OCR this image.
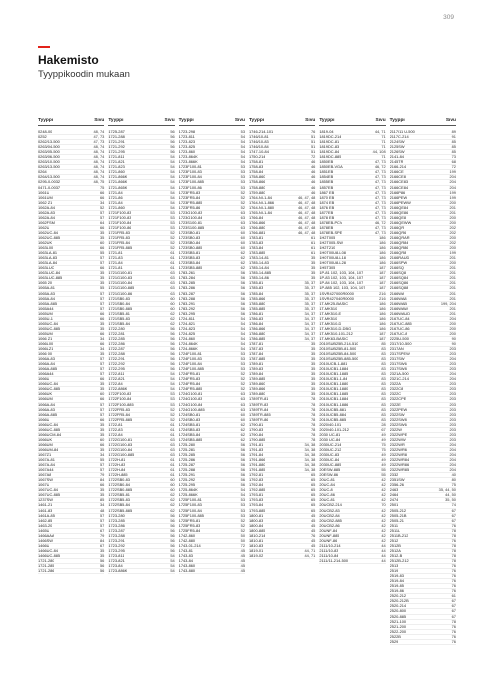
309
Hakemisto
Tyyppikoodin mukaan
Tyyppi	Sivu
0248-00	48, 74
0252	47, 73
0262/13-500	47, 73
0263/04-500	48, 74
0263/05-500	48, 74
0263/06-500	48, 74
0263/10-500	48, 74
0263/13-500	48, 74
0264	48, 74
0264/13-500	48, 74
0295-0-0032	48, 75
0471-0-0037	75
1061U	66
1061UM	66
1062 Z1	34
1062A-84	52
1062A-83	57
1062A-84	57
1062FSM	64
1062U	66
1062UC-84	35
1062UC-885	35
1062UK	60
1063L00	66
1063LA-81	55
1063LA-83	57
1063LA-84	57
1063LUC	66
1063LUC-84	35
1063LUC-885	35
1065 20	35
1065A-81	55
1065A-83	57
1065A-84	57
1065A-885	57
1065A44	57
1065UM	66
1065U-1	66
1065UC-84	35
1065UC-885	35
1065UM	66
1066 Z1	34
1066L00	66
1066LZ1	34
1066 00	35
1066A-83	57
1066A-84	57
1066A-885	57
1066A44	57
1066U	66
1066UC-84	35
1066UC-885	35
1066UK	60
1066UM	66
1066A-84	57
1066A-83	57
1066A-885	57
1066U	66
1066UC-84	35
1066UC-885	35
1066UCM-84	35
1066UK	60
1066UM	66
1066UM-84	35
1067Z1	34
1067A-81	55
1067A-84	57
1067A44	57
1067A8	79
1067SW	84
1067U	66
1067UC-84	35
1067UC-885	35
1237SW	85
1461-21	34
1461-83	48
1461A-85	57
1462-85	57
1463-20	57
1465U	67
1466AAA	79
1466SW	84
1466U	67
1466UC-84	35
1466UC-885	35
1721-280	56
1721-285	56
1721-286	56
Tyyppi	Sivu
1725-287	56
1721-288	56
1721-291	56
1721-292	56
1721-295	56
1721-811	54
1721-821	54
1721-823	54
1721-860	54
1721-866K	54
1721-866K	54
1721-865K	54
1721-84	54
1721-86	54
1721-84	54
1721-860	54
1721F100-83	53
1721F100-83	53
1721F100-84	53
1721F100-86	53
1721FR5-83	52
1721FR5-83	52
1721FR5-84	52
1721FR5-885	52
1721-81	61
1721-83	61
1721-84	61
1721-81	61
1721G100-81	63
1721G100-83	63
1721G100-84	63
1721G100-885	63
1721G100-86	63
1721SB0-83	60
1721SB0-84	60
1721SB0-885	60
1721SB5-81	62
1721SB5-83	62
1721SB5-84	62
1722-280	56
1722-281	56
1722-285	56
1722-286	56
1722-287	56
1722-288	56
1722-291	56
1722-292	56
1722-295	56
1722-811	54
1722-821	54
1722-84	54
1722-886K	54
1722F100-83	53
1722F100-84	53
1722F100-885	53
1722FR5-83	52
1722FR5-84	52
1722FR5-885	52
1722-81	61
1722-83	61
1722-84	61
1722G100-81	63
1722G100-83	63
1722G100-84	63
1722G100-885	63
1722H-81	61
1722H-83	61
1722H-84	61
1722H-885	61
1722SB0-83	60
1722SB0-84	60
1722SB0-885	60
1722SB5-81	62
1722SB5-83	62
1722SB5-84	62
1722SB5-885	62
1723-280	56
1723-285	56
1723-286	56
1723-287	56
1723-288	56
1723-291	56
1723-292	56
1723-295	56
1723-811	54
1723-821	54
1723-84	54
1723-886K	54
Tyyppi	Sivu
1723-298	53
1723-811	54
1723-823	54
1723-825	54
1723-860	54
1723-864K	54
1723-866K	54
1723F100-81	53
1723F100-83	53
1723F100-84	53
1723F100-885	53
1723F100-86	53
1723FR5-83	52
1723FR5-84	52
1723FR5-885	52
1723FR5-86	52
1723G100-83	63
1723G100-84	63
1723S100-81	63
1723S100-885	63
1723SB0-81	60
1723SB0-83	60
1723SB0-84	60
1723SB0-885	60
1723SB5-81	62
1723SB5-83	62
1723SB5-84	62
1723SB5-885	62
1783-261	56
1783-284	56
1783-285	56
1783-286	56
1783-287	56
1783-288	56
1783-291	56
1783-292	56
1783-295	56
1724-811	54
1724-821	54
1724-823	54
1724-825	54
1724-860	54
1724-864K	54
1724-866K	54
1724F100-81	53
1724F100-83	53
1724F100-84	53
1724F100-885	53
1724FR5-81	52
1724FR5-83	52
1724FR5-84	52
1724FR5-885	52
1724G100-81	63
1724G100-83	63
1724G100-84	63
1724G100-885	63
1724SB0-81	60
1724SB0-83	60
1724SB5-81	62
1724SB5-83	62
1724SB5-84	62
1724SB5-885	62
1725-280	56
1725-281	56
1725-285	56
1725-286	56
1725-287	56
1725-288	56
1725-291	56
1725-292	56
1725-295	56
1725-864K	54
1725-866K	54
1725F100-81	53
1725F100-83	53
1725F100-84	53
1725F100-885	53
1725FR5-81	52
1725FR5-83	52
1725FR5-84	52
1742-860	50
1742-880	50
1743-01-214	72
1743-81	45
1743-83	45
1743-84	45
1743-860	45
1743-880	45
Tyyppi	Sivu
1746-214-101	76
1746/10-81	51
1746/10-83	51
1746/10-84	51
1747-10-84	51
1750-214	72
1758-81	46
1758-83	46
1758-84	46
1758-860	46
1758-866	46
1758-880	46
1759-880	46
1764-NI-1-84	46, 47, 48
1764-NI-1-866	46, 47, 48
1764-NI-1-880	46, 47, 48
1765-NI-1-84	46, 47, 48
1766-84	46, 47, 48
1766-866	46, 47, 48
1766-880	46, 47, 48
1766-881	46, 47, 48
1783-81	61
1783-83	61
1783-84	61
1783-885	61
1783-14-81	35
1785-14-83	35
1785-14-84	35
1785-14-885	35
1785-14-86	35
1785-81	35, 37
1785-83	35, 37
1785-84	35, 37
1785-866	35, 37
1785-880	35, 37
1785-885	35, 37
1786-81	34, 37
1786-83	34, 37
1786-84	34, 37
1786-866	34, 37
1786-880	34, 37
1786-885	34, 37
1787-81	35
1787-83	35
1787-84	35
1787-885	35
1789-81	35
1789-83	35
1789-84	35
1789-885	35
1789-860	35
1789-866	35
1789-880	35
1789TR-81	78
1789TR-83	78
1789TR-84	78
1789TR-885	78
1789TR-86	78
1790-81	78
1790-83	78
1790-84	78
1790-885	78
1791-81	34, 38
1791-83	34, 38
1791-84	34, 38
1791-866	34, 38
1791-880	34, 38
1791-885	34, 38
1792-81	65
1792-83	65
1792-84	65
1792-885	65
1793-81	65
1793-83	65
1793-84	65
1793-885	65
1800-81	45
1800-83	45
1800-84	45
1800-885	45
1810-214	76
1810-81	45
1810-83	45
1819-01	44, 71
1819-02	44, 71
Tyyppi	Sivu
1819-04	44, 71
1819DC-214	71
1819DC-81	71
1819DC-83	71
1819DC-84	44, 108
1819DC-885	71
1850EB	47, 73
1850EB-VGA	46, 72
1851EB	47, 73
1854EB	47, 73
1855EB	47, 73
1857EB	47, 73
1867 EB	47, 73
1870 EB	47, 73
1874 EB	47, 73
1876 EB	47, 73
1877EB	47, 73
1878 EB	47, 73
1878EB-PCV	46, 72
1878EB	47, 73
1878EB-SPE	47, 73
1H2T005	186
1H2T005-SW	186
1H2T210	186
1H0T00U8-L08	186
1H0T00U8-L18	186
1H0T00U8-L28	186
1H5T305	187
1P-81 102, 103, 104, 107	187
1P-83 102, 103, 104, 107	187
1P-84 102, 103, 104, 107	187
1P-885 102, 103, 104, 107	187
1SVR427000R0000	216
1SVR427040R0000	216
1T-MK25-BASIC	186
1T-MK510	186
1T-MK510-E	186
1T-MK510	186
1T-MK510-D	186
1T-MK510-D-DBG	186
1T-MK510-101-212	187
1T-MK63-BASIC	187
2010SUB25B-214-510	85
2010SUB25B-81-500	83
2010SUB25B-84-500	83
2010SUB25B-885-500	83
2010UCB-1-881	83
2010UCB1-1884	83
2010UCB1-1885	83
2010UCB1-1-84	83
2010UCB1-1880	83
2010UCB1-1880	83
2010UCB1-1885	83
2010UCB1-1884	83
2010UCB1-1886	83
2010UCB5-881	83
2010UCB5-884	83
2010UCB5-885	83
2020/40-101	28
2020/40-101-212	67
2030 UC-81	49
2030 UC-84	49
2030UC-214	75
2030UC-212	75
2030UC-83	49
2030UC-84	49
2030UC-885	49
20ESW-885	55
20ESW-86	55
20UC-81	42
20UC-84	42
20UC-8	42
20UC-86	42
20UC-81	42
20UCB2-214	70
20UCB2-83	42
20UCB2-84	42
20UCB2-885	42
20UCB2-86	42
20UNF-84	42
20UNF-885	42
20UNF-86	42
2111/10-214	44
2111/10-83	44
2111/10-84	44
2111/11-214-500	44
Tyyppi	Sivu
2117/11 U-500	89
2117C-214	91
2124SW	85
2125SW	85
2126SW	85
2141-84	73
2145TR	68
2166-214	72
2166CE	199
2166CE8	204
2166CE83	204
2166CE84	204
2166P86	199
2166PEW	199
2166PEWW	200
2166QE84	201
2166QE86	201
2166QE8	200
2166QEWW	200
2166QR	202
2166QR6	202
2166QRAR	200
2166QR84	202
2166QR86	200
2166QR8	199
2166RAUD	201
2166SPW	200
2166SQ	201
2166SQ8	201
2166SQ84	201
2166SQ86	201
2166SQ88	201
2166WA	201
2166WA8	201
2166WAB	199, 204
2166WAW	201
2166WAUD	201
2167UC-84	204
2167UC-885	200
2167UC-86	200
2167UC-8	200
2225U-500	90
2317/10-500	90
2317AN	203
2317SPEW	203
2317SW	204
2317SW6	203
2317SW8	203
2321A-500	204
2321C-214	204
2322A	203
2322C8	203
2322C	203
2322CPE	203
2322E	203
2322PEW	203
2322SW	203
2322SW8	203
2322SW6	203
2322W	203
2322WPE	203
2322WW	203
2322WR	204
2322WR6	204
2322WR8	204
2322WR84	204
2322WR86	204
2322WR85	204
2332	40
2351SW	80
2356-26	75
2463	35, 44, 50
2464	44, 50
2474	35, 50
2501	74
2505-212	67
2505-21B	67
2505-21	67
2511	76
2511L	78
2511B-212	78
2512	76
2512B	78
2512A	78
2512-B	78
2512B-212	78
2513	76
2519	76
2519-83	76
2519-84	76
2519-85	76
2519-86	76
2520-212	61
2520-212B	67
2520-214	67
2520-800	67
2520-885	67
2521-100	78
2521-200	76
2522-200	76
2522B	76
2529	76
